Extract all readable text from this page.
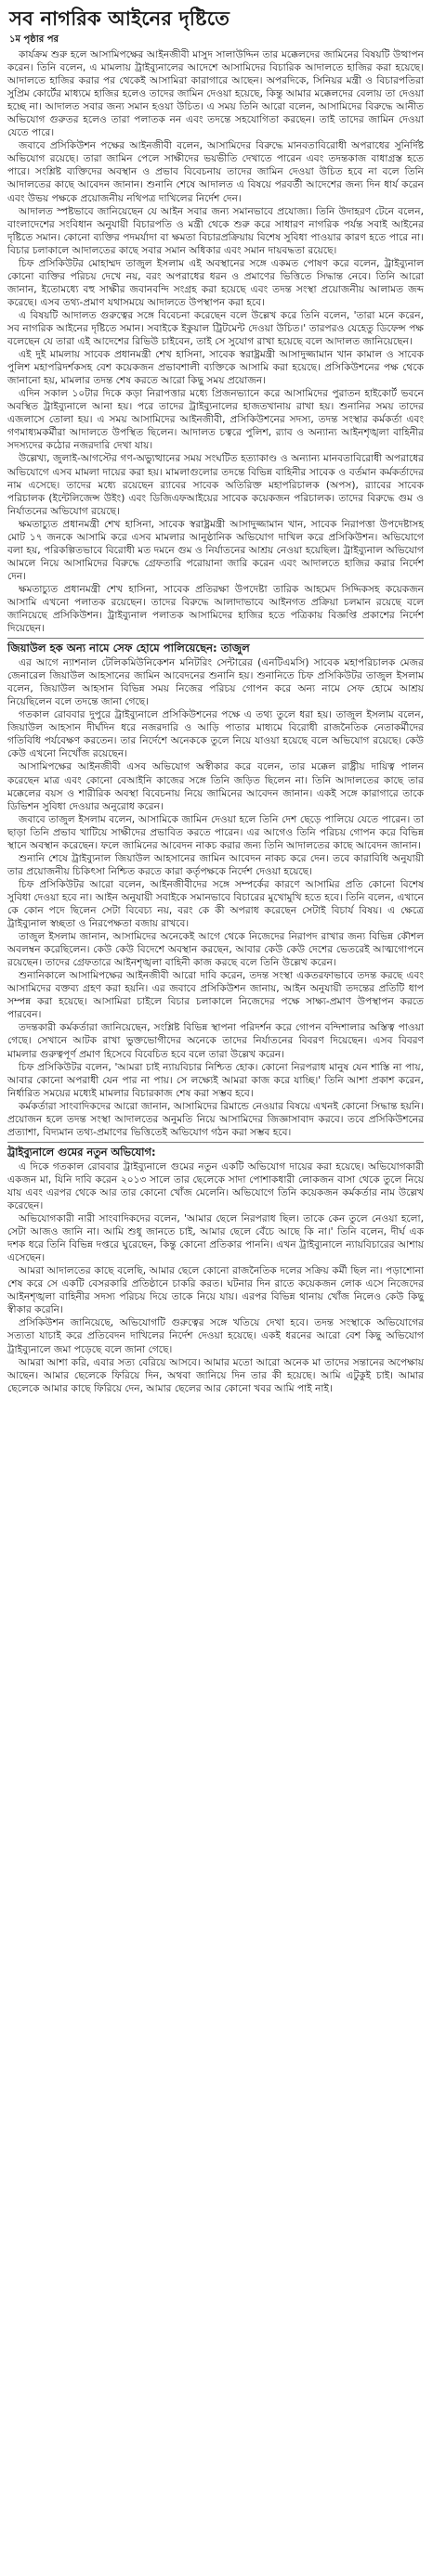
সব নাগরিক আইনের দৃষ্টিতে
১ম পৃষ্ঠার পর

কার্যক্রম শুরু হলে আসামিপক্ষের আইনজীবী মাসুদ সালাউদ্দিন তার মক্কেলদের জামিনের বিষয়টি উত্থাপন করেন। তিনি বলেন, এ মামলায় ট্রাইব্যুনালের আদেশে আসামিদের বিচারিক আদালতে হাজির করা হয়েছে। আদালতে হাজির করার পর থেকেই আসামিরা কারাগারে আছেন। অপরদিকে, সিনিয়র মন্ত্রী ও বিচারপতিরা সুপ্রিম কোর্টের মাধ্যমে হাজির হলেও তাদের জামিন দেওয়া হয়েছে, কিন্তু আমার মক্কেলদের বেলায় তা দেওয়া হচ্ছে না। আদালত সবার জন্য সমান হওয়া উচিত। এ সময় তিনি আরো বলেন, আসামিদের বিরুদ্ধে আনীত অভিযোগ গুরুতর হলেও তারা পলাতক নন এবং তদন্তে সহযোগিতা করছেন। তাই তাদের জামিন দেওয়া যেতে পারে।

জবাবে প্রসিকিউশন পক্ষের আইনজীবী বলেন, আসামিদের বিরুদ্ধে মানবতাবিরোধী অপরাধের সুনির্দিষ্ট অভিযোগ রয়েছে। তারা জামিন পেলে সাক্ষীদের ভয়ভীতি দেখাতে পারেন এবং তদন্তকাজ বাধাগ্রস্ত হতে পারে। সংশ্লিষ্ট ব্যক্তিদের অবস্থান ও প্রভাব বিবেচনায় তাদের জামিন দেওয়া উচিত হবে না বলে তিনি আদালতের কাছে আবেদন জানান। শুনানি শেষে আদালত এ বিষয়ে পরবর্তী আদেশের জন্য দিন ধার্য করেন এবং উভয় পক্ষকে প্রয়োজনীয় নথিপত্র দাখিলের নির্দেশ দেন।

আদালত স্পষ্টভাবে জানিয়েছেন যে আইন সবার জন্য সমানভাবে প্রযোজ্য। তিনি উদাহরণ টেনে বলেন, বাংলাদেশের সংবিধান অনুযায়ী বিচারপতি ও মন্ত্রী থেকে শুরু করে সাধারণ নাগরিক পর্যন্ত সবাই আইনের দৃষ্টিতে সমান। কোনো ব্যক্তির পদমর্যাদা বা ক্ষমতা বিচারপ্রক্রিয়ায় বিশেষ সুবিধা পাওয়ার কারণ হতে পারে না। বিচার চলাকালে আদালতের কাছে সবার সমান অধিকার এবং সমান দায়বদ্ধতা রয়েছে।

চিফ প্রসিকিউটর মোহাম্মদ তাজুল ইসলাম এই অবস্থানের সঙ্গে একমত পোষণ করে বলেন, ট্রাইব্যুনাল কোনো ব্যক্তির পরিচয় দেখে নয়, বরং অপরাধের ধরন ও প্রমাণের ভিত্তিতে সিদ্ধান্ত নেবে। তিনি আরো জানান, ইতোমধ্যে বহু সাক্ষীর জবানবন্দি সংগ্রহ করা হয়েছে এবং তদন্ত সংস্থা প্রয়োজনীয় আলামত জব্দ করেছে। এসব তথ্য-প্রমাণ যথাসময়ে আদালতে উপস্থাপন করা হবে।

এ বিষয়টি আদালত গুরুত্বের সঙ্গে বিবেচনা করেছেন বলে উল্লেখ করে তিনি বলেন, 'তারা মনে করেন, সব নাগরিক আইনের দৃষ্টিতে সমান। সবাইকে ইকুয়াল ট্রিটমেন্ট দেওয়া উচিত।' তারপরও যেহেতু ডিফেন্স পক্ষ বলেছেন যে তারা এই আদেশের রিভিউ চাইবেন, তাই সে সুযোগ রাখা হয়েছে বলে আদালত জানিয়েছেন।

এই দুই মামলায় সাবেক প্রধানমন্ত্রী শেখ হাসিনা, সাবেক স্বরাষ্ট্রমন্ত্রী আসাদুজ্জামান খান কামাল ও সাবেক পুলিশ মহাপরিদর্শকসহ বেশ কয়েকজন প্রভাবশালী ব্যক্তিকে আসামি করা হয়েছে। প্রসিকিউশনের পক্ষ থেকে জানানো হয়, মামলার তদন্ত শেষ করতে আরো কিছু সময় প্রয়োজন।

এদিন সকাল ১০টার দিকে কড়া নিরাপত্তার মধ্যে প্রিজনভ্যানে করে আসামিদের পুরাতন হাইকোর্ট ভবনে অবস্থিত ট্রাইব্যুনালে আনা হয়। পরে তাদের ট্রাইব্যুনালের হাজতখানায় রাখা হয়। শুনানির সময় তাদের এজলাসে তোলা হয়। এ সময় আসামিদের আইনজীবী, প্রসিকিউশনের সদস্য, তদন্ত সংস্থার কর্মকর্তা এবং গণমাধ্যমকর্মীরা আদালতে উপস্থিত ছিলেন। আদালত চত্বরে পুলিশ, র‍্যাব ও অন্যান্য আইনশৃঙ্খলা বাহিনীর সদস্যদের কঠোর নজরদারি দেখা যায়।

উল্লেখ্য, জুলাই-আগস্টের গণ-অভ্যুত্থানের সময় সংঘটিত হত্যাকাণ্ড ও অন্যান্য মানবতাবিরোধী অপরাধের অভিযোগে এসব মামলা দায়ের করা হয়। মামলাগুলোর তদন্তে বিভিন্ন বাহিনীর সাবেক ও বর্তমান কর্মকর্তাদের নাম এসেছে। তাদের মধ্যে রয়েছেন র‍্যাবের সাবেক অতিরিক্ত মহাপরিচালক (অপস), র‍্যাবের সাবেক পরিচালক (ইন্টেলিজেন্স উইং) এবং ডিজিএফআইয়ের সাবেক কয়েকজন পরিচালক। তাদের বিরুদ্ধে গুম ও নির্যাতনের অভিযোগ রয়েছে।

ক্ষমতাচ্যুত প্রধানমন্ত্রী শেখ হাসিনা, সাবেক স্বরাষ্ট্রমন্ত্রী আসাদুজ্জামান খান, সাবেক নিরাপত্তা উপদেষ্টাসহ মোট ১৭ জনকে আসামি করে এসব মামলার আনুষ্ঠানিক অভিযোগ দাখিল করে প্রসিকিউশন। অভিযোগে বলা হয়, পরিকল্পিতভাবে বিরোধী মত দমনে গুম ও নির্যাতনের আশ্রয় নেওয়া হয়েছিল। ট্রাইব্যুনাল অভিযোগ আমলে নিয়ে আসামিদের বিরুদ্ধে গ্রেফতারি পরোয়ানা জারি করেন এবং আদালতে হাজির করার নির্দেশ দেন।

ক্ষমতাচ্যুত প্রধানমন্ত্রী শেখ হাসিনা, সাবেক প্রতিরক্ষা উপদেষ্টা তারিক আহমেদ সিদ্দিকসহ কয়েকজন আসামি এখনো পলাতক রয়েছেন। তাদের বিরুদ্ধে আলাদাভাবে আইনগত প্রক্রিয়া চলমান রয়েছে বলে জানিয়েছে প্রসিকিউশন। ট্রাইব্যুনাল পলাতক আসামিদের হাজির হতে পত্রিকায় বিজ্ঞপ্তি প্রকাশের নির্দেশ দিয়েছেন।

জিয়াউল হক অন্য নামে সেফ হোমে পালিয়েছেন: তাজুল

এর আগে ন্যাশনাল টেলিকমিউনিকেশন মনিটরিং সেন্টারের (এনটিএমসি) সাবেক মহাপরিচালক মেজর জেনারেল জিয়াউল আহসানের জামিন আবেদনের শুনানি হয়। শুনানিতে চিফ প্রসিকিউটর তাজুল ইসলাম বলেন, জিয়াউল আহসান বিভিন্ন সময় নিজের পরিচয় গোপন করে অন্য নামে সেফ হোমে আশ্রয় নিয়েছিলেন বলে তদন্তে জানা গেছে।

গতকাল রোববার দুপুরে ট্রাইব্যুনালে প্রসিকিউশনের পক্ষে এ তথ্য তুলে ধরা হয়। তাজুল ইসলাম বলেন, জিয়াউল আহসান দীর্ঘদিন ধরে নজরদারি ও আড়ি পাতার মাধ্যমে বিরোধী রাজনৈতিক নেতাকর্মীদের গতিবিধি পর্যবেক্ষণ করতেন। তার নির্দেশে অনেককে তুলে নিয়ে যাওয়া হয়েছে বলে অভিযোগ রয়েছে। কেউ কেউ এখনো নিখোঁজ রয়েছেন।

আসামিপক্ষের আইনজীবী এসব অভিযোগ অস্বীকার করে বলেন, তার মক্কেল রাষ্ট্রীয় দায়িত্ব পালন করেছেন মাত্র এবং কোনো বেআইনি কাজের সঙ্গে তিনি জড়িত ছিলেন না। তিনি আদালতের কাছে তার মক্কেলের বয়স ও শারীরিক অবস্থা বিবেচনায় নিয়ে জামিনের আবেদন জানান। একই সঙ্গে কারাগারে তাকে ডিভিশন সুবিধা দেওয়ার অনুরোধ করেন।

জবাবে তাজুল ইসলাম বলেন, আসামিকে জামিন দেওয়া হলে তিনি দেশ ছেড়ে পালিয়ে যেতে পারেন। তা ছাড়া তিনি প্রভাব খাটিয়ে সাক্ষীদের প্রভাবিত করতে পারেন। এর আগেও তিনি পরিচয় গোপন করে বিভিন্ন স্থানে অবস্থান করেছেন। ফলে জামিনের আবেদন নাকচ করার জন্য তিনি আদালতের কাছে আবেদন জানান।

শুনানি শেষে ট্রাইব্যুনাল জিয়াউল আহসানের জামিন আবেদন নাকচ করে দেন। তবে কারাবিধি অনুযায়ী তার প্রয়োজনীয় চিকিৎসা নিশ্চিত করতে কারা কর্তৃপক্ষকে নির্দেশ দেওয়া হয়েছে।

চিফ প্রসিকিউটর আরো বলেন, আইনজীবীদের সঙ্গে সম্পর্কের কারণে আসামির প্রতি কোনো বিশেষ সুবিধা দেওয়া হবে না। আইন অনুযায়ী সবাইকে সমানভাবে বিচারের মুখোমুখি হতে হবে। তিনি বলেন, এখানে কে কোন পদে ছিলেন সেটা বিবেচ্য নয়, বরং কে কী অপরাধ করেছেন সেটাই বিচার্য বিষয়। এ ক্ষেত্রে ট্রাইব্যুনাল স্বচ্ছতা ও নিরপেক্ষতা বজায় রাখবে।

তাজুল ইসলাম জানান, আসামিদের অনেকেই আগে থেকে নিজেদের নিরাপদ রাখার জন্য বিভিন্ন কৌশল অবলম্বন করেছিলেন। কেউ কেউ বিদেশে অবস্থান করছেন, আবার কেউ কেউ দেশের ভেতরেই আত্মগোপনে রয়েছেন। তাদের গ্রেফতারে আইনশৃঙ্খলা বাহিনী কাজ করছে বলে তিনি উল্লেখ করেন।

শুনানিকালে আসামিপক্ষের আইনজীবী আরো দাবি করেন, তদন্ত সংস্থা একতরফাভাবে তদন্ত করছে এবং আসামিদের বক্তব্য গ্রহণ করা হয়নি। এর জবাবে প্রসিকিউশন জানায়, আইন অনুযায়ী তদন্তের প্রতিটি ধাপ সম্পন্ন করা হয়েছে। আসামিরা চাইলে বিচার চলাকালে নিজেদের পক্ষে সাক্ষ্য-প্রমাণ উপস্থাপন করতে পারবেন।

তদন্তকারী কর্মকর্তারা জানিয়েছেন, সংশ্লিষ্ট বিভিন্ন স্থাপনা পরিদর্শন করে গোপন বন্দিশালার অস্তিত্ব পাওয়া গেছে। সেখানে আটক রাখা ভুক্তভোগীদের অনেকে তাদের নির্যাতনের বিবরণ দিয়েছেন। এসব বিবরণ মামলার গুরুত্বপূর্ণ প্রমাণ হিসেবে বিবেচিত হবে বলে তারা উল্লেখ করেন।

চিফ প্রসিকিউটর বলেন, 'আমরা চাই ন্যায়বিচার নিশ্চিত হোক। কোনো নিরপরাধ মানুষ যেন শাস্তি না পায়, আবার কোনো অপরাধী যেন পার না পায়। সে লক্ষ্যেই আমরা কাজ করে যাচ্ছি।' তিনি আশা প্রকাশ করেন, নির্ধারিত সময়ের মধ্যেই মামলার বিচারকাজ শেষ করা সম্ভব হবে।

কর্মকর্তারা সাংবাদিকদের আরো জানান, আসামিদের রিমান্ডে নেওয়ার বিষয়ে এখনই কোনো সিদ্ধান্ত হয়নি। প্রয়োজন হলে তদন্ত সংস্থা আদালতের অনুমতি নিয়ে আসামিদের জিজ্ঞাসাবাদ করবে। তবে প্রসিকিউশনের প্রত্যাশা, বিদ্যমান তথ্য-প্রমাণের ভিত্তিতেই অভিযোগ গঠন করা সম্ভব হবে।

ট্রাইব্যুনালে গুমের নতুন অভিযোগ:

এ দিকে গতকাল রোববার ট্রাইব্যুনালে গুমের নতুন একটি অভিযোগ দায়ের করা হয়েছে। অভিযোগকারী একজন মা, যিনি দাবি করেন ২০১৩ সালে তার ছেলেকে সাদা পোশাকধারী লোকজন বাসা থেকে তুলে নিয়ে যায় এবং এরপর থেকে আর তার কোনো খোঁজ মেলেনি। অভিযোগে তিনি কয়েকজন কর্মকর্তার নাম উল্লেখ করেছেন।

অভিযোগকারী নারী সাংবাদিকদের বলেন, 'আমার ছেলে নিরপরাধ ছিল। তাকে কেন তুলে নেওয়া হলো, সেটা আজও জানি না। আমি শুধু জানতে চাই, আমার ছেলে বেঁচে আছে কি না।' তিনি বলেন, দীর্ঘ এক দশক ধরে তিনি বিভিন্ন দপ্তরে ঘুরেছেন, কিন্তু কোনো প্রতিকার পাননি। এখন ট্রাইব্যুনালে ন্যায়বিচারের আশায় এসেছেন।

আমরা আদালতের কাছে বলেছি, আমার ছেলে কোনো রাজনৈতিক দলের সক্রিয় কর্মী ছিল না। পড়াশোনা শেষ করে সে একটি বেসরকারি প্রতিষ্ঠানে চাকরি করত। ঘটনার দিন রাতে কয়েকজন লোক এসে নিজেদের আইনশৃঙ্খলা বাহিনীর সদস্য পরিচয় দিয়ে তাকে নিয়ে যায়। এরপর বিভিন্ন থানায় খোঁজ নিলেও কেউ কিছু স্বীকার করেনি।

প্রসিকিউশন জানিয়েছে, অভিযোগটি গুরুত্বের সঙ্গে খতিয়ে দেখা হবে। তদন্ত সংস্থাকে অভিযোগের সত্যতা যাচাই করে প্রতিবেদন দাখিলের নির্দেশ দেওয়া হয়েছে। একই ধরনের আরো বেশ কিছু অভিযোগ ট্রাইব্যুনালে জমা পড়েছে বলে জানা গেছে।

আমরা আশা করি, এবার সত্য বেরিয়ে আসবে। আমার মতো আরো অনেক মা তাদের সন্তানের অপেক্ষায় আছেন। আমার ছেলেকে ফিরিয়ে দিন, অথবা জানিয়ে দিন তার কী হয়েছে। আমি এটুকুই চাই। আমার ছেলেকে আমার কাছে ফিরিয়ে দেন, আমার ছেলের আর কোনো খবর আমি পাই নাই।
